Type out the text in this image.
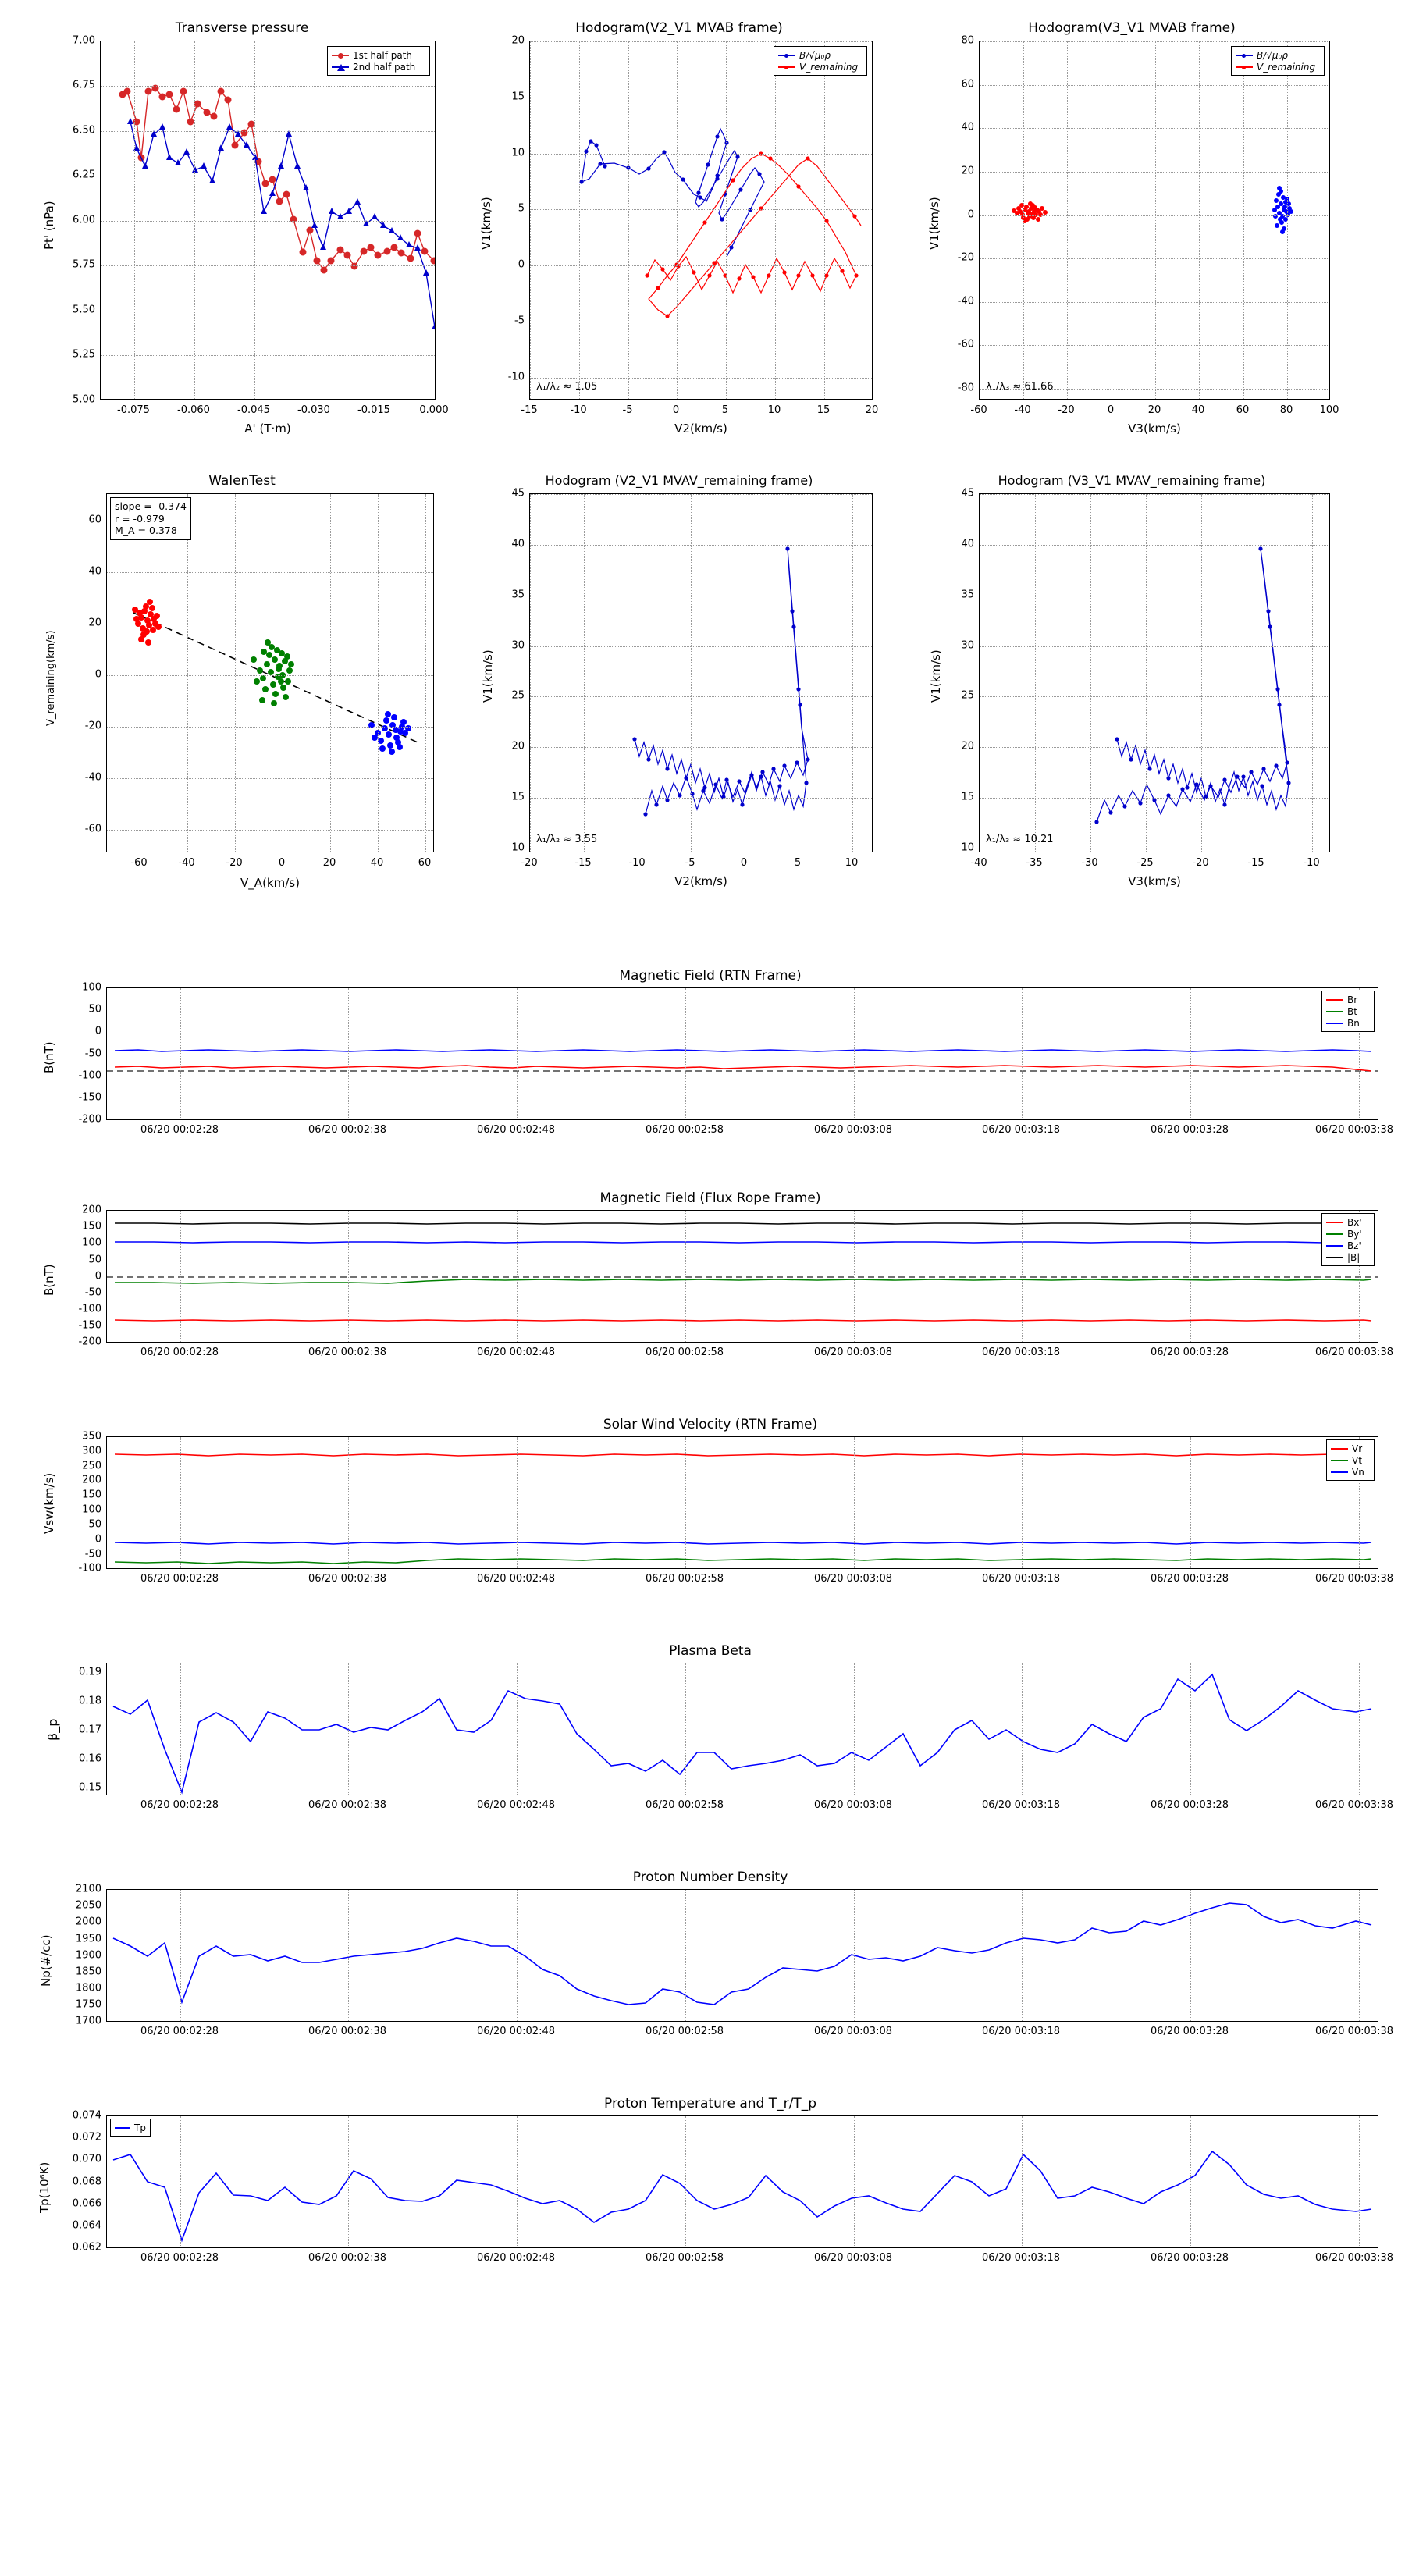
Transverse pressure
1st half path
2nd half path
7.00
6.75
6.50
6.25
6.00
5.75
5.50
5.25
5.00
-0.075	-0.060	-0.045	-0.030	-0.015	0.000
A' (T·m)
Pt' (nPa)
Hodogram(V2_V1 MVAB frame)
B/√μ₀ρ
V_remaining
λ₁/λ₂ ≈ 1.05
20
15
10
5
0
-5
-10
-15	-10	-5	0	5	10	15	20
V2(km/s)
V1(km/s)
Hodogram(V3_V1 MVAB frame)
B/√μ₀ρ
V_remaining
λ₁/λ₃ ≈ 61.66
80
60
40
20
0
-20
-40
-60
-80
-60	-40	-20	0	20	40	60	80	100
V3(km/s)
V1(km/s)
WalenTest
slope = -0.374
r = -0.979
M_A = 0.378
60
40
20
0
-20
-40
-60
-60	-40	-20	0	20	40	60
V_A(km/s)
V_remaining(km/s)
Hodogram (V2_V1 MVAV_remaining frame)
λ₁/λ₂ ≈ 3.55
45
40
35
30
25
20
15
10
-20	-15	-10	-5	0	5	10
V2(km/s)
V1(km/s)
Hodogram (V3_V1 MVAV_remaining frame)
λ₁/λ₃ ≈ 10.21
45
40
35
30
25
20
15
10
-40	-35	-30	-25	-20	-15	-10
V3(km/s)
V1(km/s)
Magnetic Field (RTN Frame)
Br
Bt
Bn
100
50
0
-50
-100
-150
-200
06/20 00:02:28	06/20 00:02:38	06/20 00:02:48	06/20 00:02:58	06/20 00:03:08	06/20 00:03:18	06/20 00:03:28	06/20 00:03:38
B(nT)
Magnetic Field (Flux Rope Frame)
Bx'
By'
Bz'
|B|
200
150
100
50
0
-50
-100
-150
-200
06/20 00:02:28	06/20 00:02:38	06/20 00:02:48	06/20 00:02:58	06/20 00:03:08	06/20 00:03:18	06/20 00:03:28	06/20 00:03:38
B(nT)
Solar Wind Velocity (RTN Frame)
Vr
Vt
Vn
350
300
250
200
150
100
50
0
-50
-100
06/20 00:02:28	06/20 00:02:38	06/20 00:02:48	06/20 00:02:58	06/20 00:03:08	06/20 00:03:18	06/20 00:03:28	06/20 00:03:38
Vsw(km/s)
Plasma Beta
0.19
0.18
0.17
0.16
0.15
06/20 00:02:28	06/20 00:02:38	06/20 00:02:48	06/20 00:02:58	06/20 00:03:08	06/20 00:03:18	06/20 00:03:28	06/20 00:03:38
β_p
Proton Number Density
2100
2050
2000
1950
1900
1850
1800
1750
1700
06/20 00:02:28	06/20 00:02:38	06/20 00:02:48	06/20 00:02:58	06/20 00:03:08	06/20 00:03:18	06/20 00:03:28	06/20 00:03:38
Np(#/cc)
Proton Temperature and T_r/T_p
Tp
0.074
0.072
0.070
0.068
0.066
0.064
0.062
06/20 00:02:28	06/20 00:02:38	06/20 00:02:48	06/20 00:02:58	06/20 00:03:08	06/20 00:03:18	06/20 00:03:28	06/20 00:03:38
Tp(10⁶K)
